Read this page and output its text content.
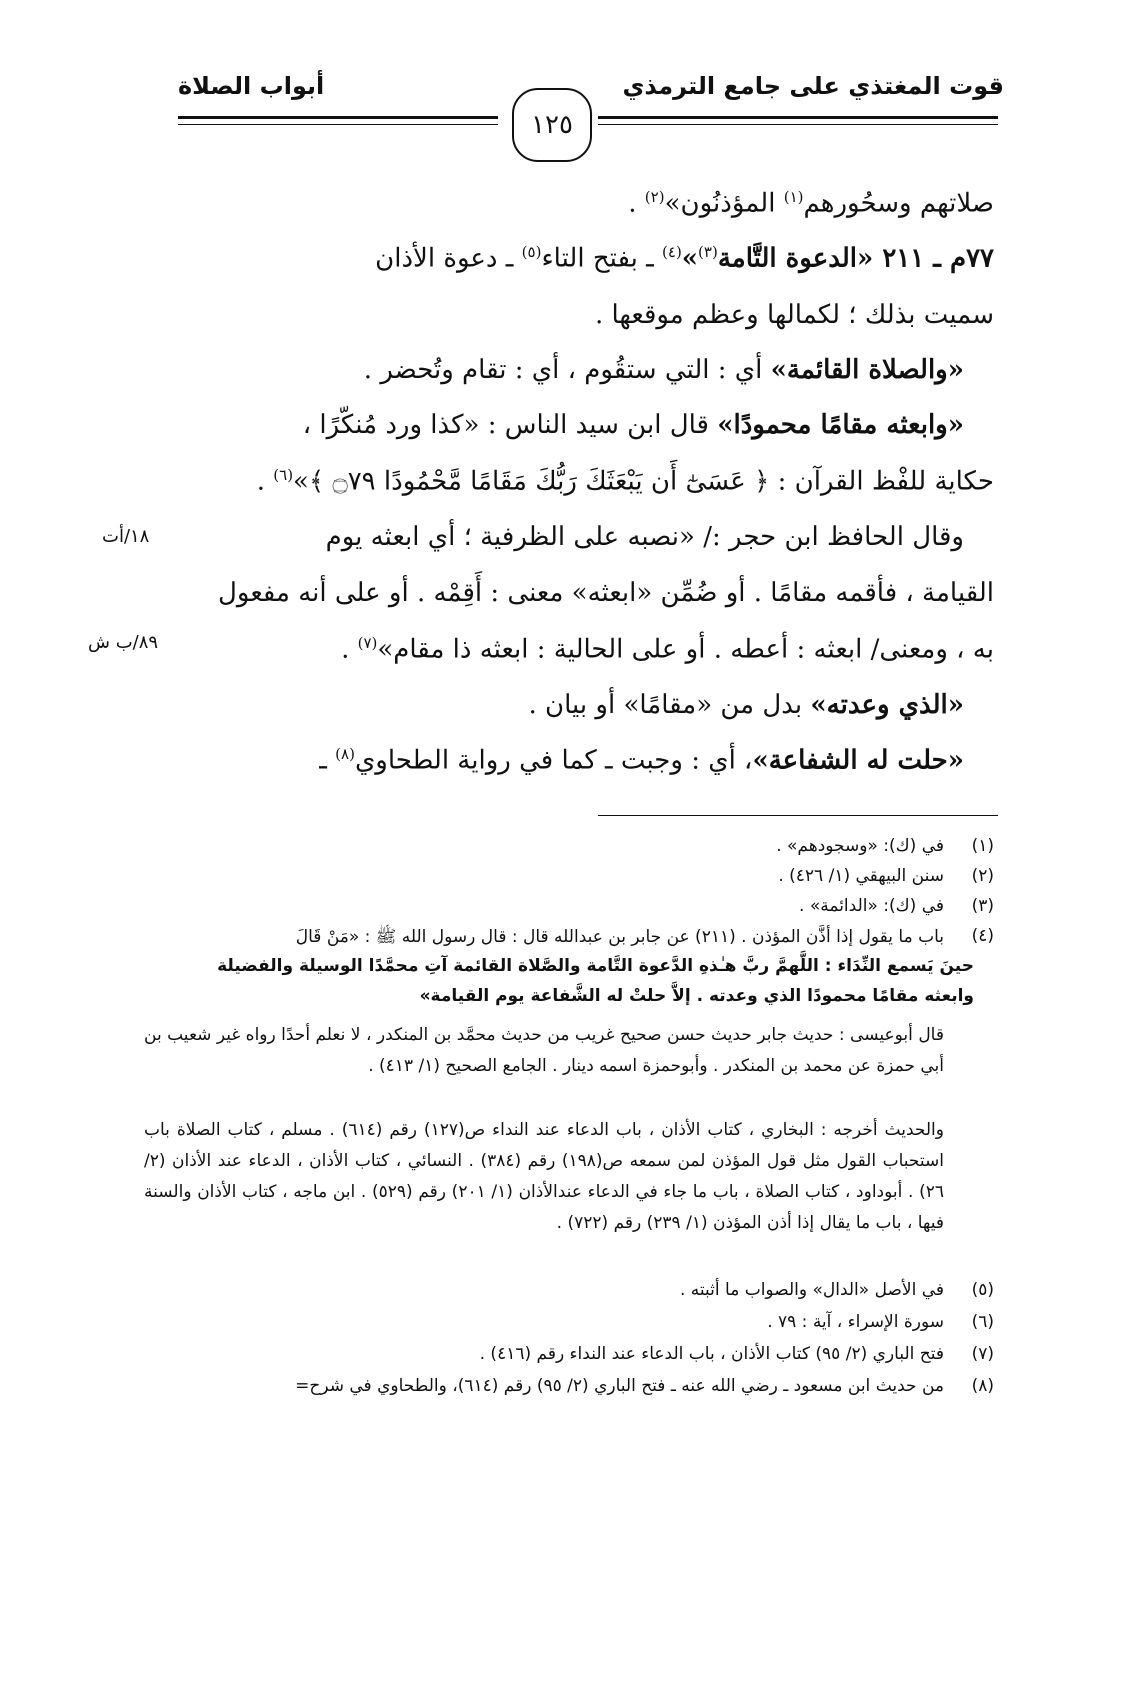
قوت المغتذي على جامع الترمذي
أبواب الصلاة
١٢٥
صلاتهم وسحُورهم$^{(١)}$ المؤذنُون»$^{(٢)}$ .
٧٧م ـ ٢١١ «الدعوة التَّامة$^{(٣)}$»$^{(٤)}$ ـ بفتح التاء$^{(٥)}$ ـ دعوة الأذان
سميت بذلك ؛ لكمالها وعظم موقعها .
«والصلاة القائمة» أي : التي ستقُوم ، أي : تقام وتُحضر .
«وابعثه مقامًا محمودًا» قال ابن سيد الناس : «كذا ورد مُنكّرًا ،
حكاية للفْظ القرآن : ﴿ عَسَىٰٓ أَن يَبْعَثَكَ رَبُّكَ مَقَامًا مَّحْمُودًا ۝٧٩ ﴾»$^{(٦)}$ .
وقال الحافظ ابن حجر :/ «نصبه على الظرفية ؛ أي ابعثه يوم
القيامة ، فأقمه مقامًا . أو ضُمِّن «ابعثه» معنى : أَقِمْه . أو على أنه مفعول
به ، ومعنى/ ابعثه : أعطه . أو على الحالية : ابعثه ذا مقام»$^{(٧)}$ .
«الذي وعدته» بدل من «مقامًا» أو بيان .
«حلت له الشفاعة»، أي : وجبت ـ كما في رواية الطحاوي$^{(٨)}$ ـ
١٨/أت
٨٩/ب ش
(١)
في (ك): «وسجودهم» .
(٢)
سنن البيهقي (١/ ٤٢٦) .
(٣)
في (ك): «الدائمة» .
(٤)
باب ما يقول إذا أذَّن المؤذن . (٢١١) عن جابر بن عبدالله قال : قال رسول الله ﷺ : «مَنْ قَالَ
حينَ يَسمع النِّدَاء : اللَّهمَّ ربَّ هـٰذهِ الدَّعوة التَّامة والصَّلاة القائمة آتِ محمَّدًا الوسيلة والفضيلة
وابعثه مقامًا محمودًا الذي وعدته . إلاَّ حلتْ له الشَّفاعة يوم القيامة»
قال أبوعيسى : حديث جابر حديث حسن صحيح غريب من حديث محمَّد بن المنكدر ، لا نعلم أحدًا رواه غير شعيب بن أبي حمزة عن محمد بن المنكدر . وأبوحمزة اسمه دينار . الجامع الصحيح (١/ ٤١٣) .
والحديث أخرجه : البخاري ، كتاب الأذان ، باب الدعاء عند النداء ص(١٢٧) رقم (٦١٤) . مسلم ، كتاب الصلاة باب استحباب القول مثل قول المؤذن لمن سمعه ص(١٩٨) رقم (٣٨٤) . النسائي ، كتاب الأذان ، الدعاء عند الأذان (٢/ ٢٦) . أبوداود ، كتاب الصلاة ، باب ما جاء في الدعاء عندالأذان (١/ ٢٠١) رقم (٥٢٩) . ابن ماجه ، كتاب الأذان والسنة فيها ، باب ما يقال إذا أذن المؤذن (١/ ٢٣٩) رقم (٧٢٢) .
(٥)
في الأصل «الدال» والصواب ما أثبته .
(٦)
سورة الإسراء ، آية : ٧٩ .
(٧)
فتح الباري (٢/ ٩٥) كتاب الأذان ، باب الدعاء عند النداء رقم (٤١٦) .
(٨)
من حديث ابن مسعود ـ رضي الله عنه ـ فتح الباري (٢/ ٩٥) رقم (٦١٤)، والطحاوي في شرح=
